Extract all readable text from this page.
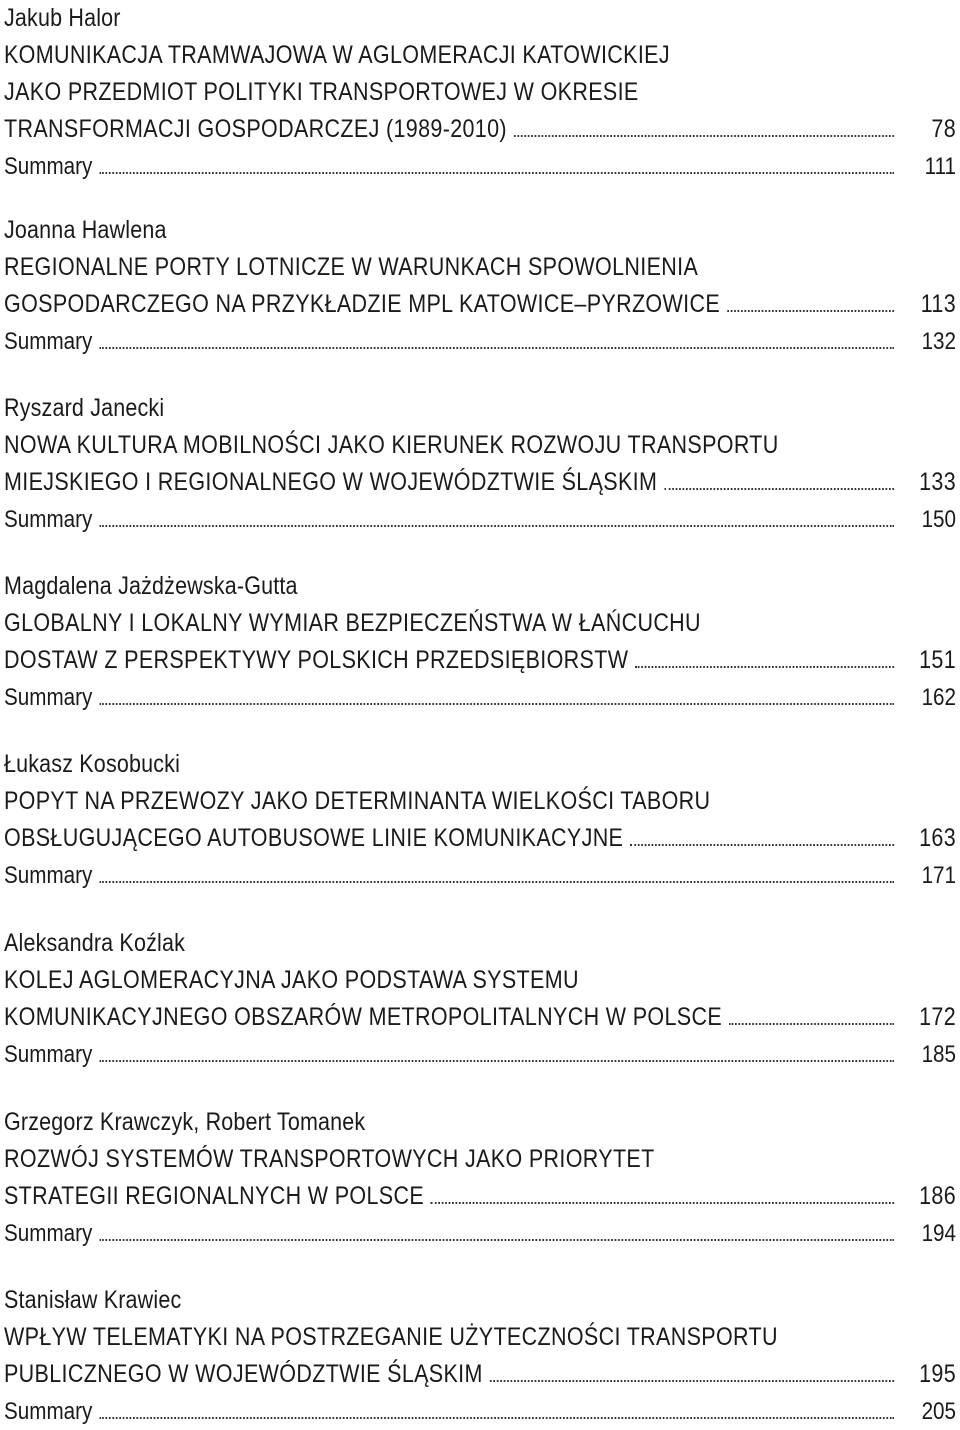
Jakub Halor
KOMUNIKACJA TRAMWAJOWA W AGLOMERACJI KATOWICKIEJ
JAKO PRZEDMIOT POLITYKI TRANSPORTOWEJ W OKRESIE
TRANSFORMACJI GOSPODARCZEJ (1989-2010)	78
Summary	111
Joanna Hawlena
REGIONALNE PORTY LOTNICZE W WARUNKACH SPOWOLNIENIA
GOSPODARCZEGO NA PRZYKŁADZIE MPL KATOWICE–PYRZOWICE	113
Summary	132
Ryszard Janecki
NOWA KULTURA MOBILNOŚCI JAKO KIERUNEK ROZWOJU TRANSPORTU
MIEJSKIEGO I REGIONALNEGO W WOJEWÓDZTWIE ŚLĄSKIM	133
Summary	150
Magdalena Jażdżewska-Gutta
GLOBALNY I LOKALNY WYMIAR BEZPIECZEŃSTWA W ŁAŃCUCHU
DOSTAW Z PERSPEKTYWY POLSKICH PRZEDSIĘBIORSTW	151
Summary	162
Łukasz Kosobucki
POPYT NA PRZEWOZY JAKO DETERMINANTA WIELKOŚCI TABORU
OBSŁUGUJĄCEGO AUTOBUSOWE LINIE KOMUNIKACYJNE	163
Summary	171
Aleksandra Koźlak
KOLEJ AGLOMERACYJNA JAKO PODSTAWA SYSTEMU
KOMUNIKACYJNEGO OBSZARÓW METROPOLITALNYCH W POLSCE	172
Summary	185
Grzegorz Krawczyk, Robert Tomanek
ROZWÓJ SYSTEMÓW TRANSPORTOWYCH JAKO PRIORYTET
STRATEGII REGIONALNYCH W POLSCE	186
Summary	194
Stanisław Krawiec
WPŁYW TELEMATYKI NA POSTRZEGANIE UŻYTECZNOŚCI TRANSPORTU
PUBLICZNEGO W WOJEWÓDZTWIE ŚLĄSKIM	195
Summary	205
